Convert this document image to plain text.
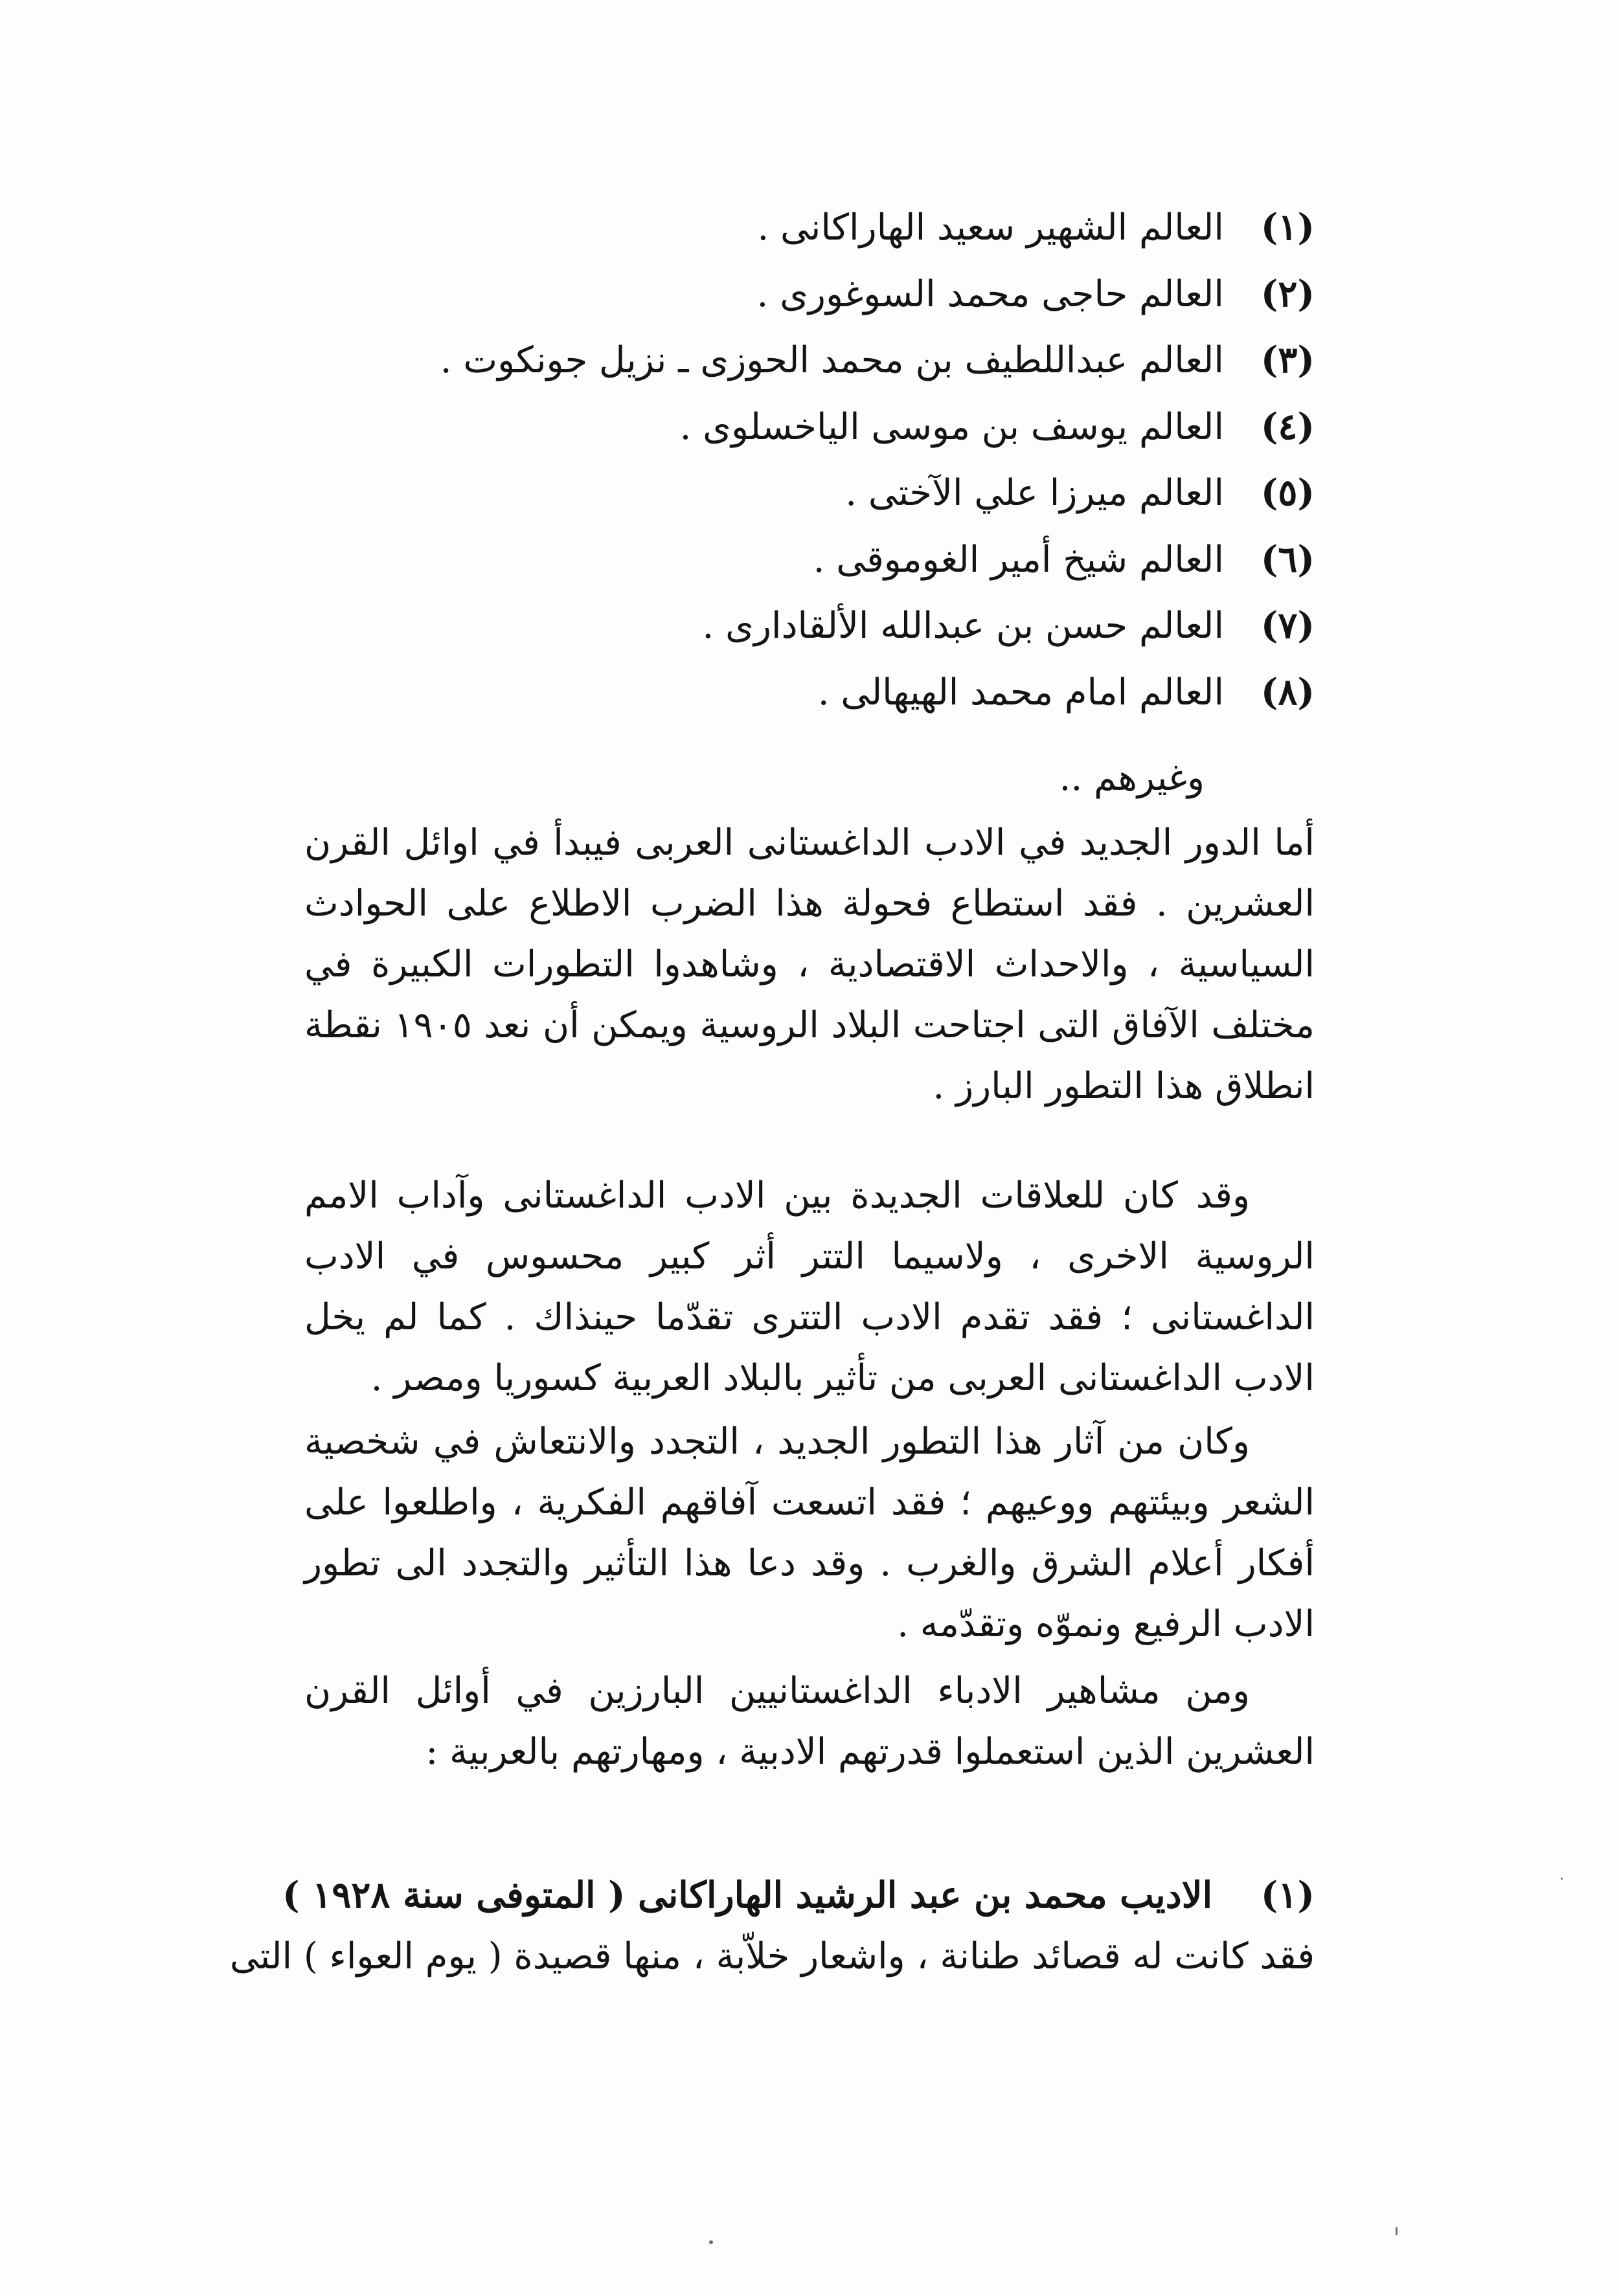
(١)
العالم الشهير سعيد الهاراكانى .
(٢)
العالم حاجى محمد السوغورى .
(٣)
العالم عبداللطيف بن محمد الحوزى ـ نزيل جونكوت .
(٤)
العالم يوسف بن موسى الياخسلوى .
(٥)
العالم ميرزا علي الآختى .
(٦)
العالم شيخ أمير الغوموقى .
(٧)
العالم حسن بن عبدالله الألقادارى .
(٨)
العالم امام محمد الهيهالى .
وغيرهم ..

أما الدور الجديد في الادب الداغستانى العربى فيبدأ في اوائل القرن العشرين . فقد استطاع فحولة هذا الضرب الاطلاع على الحوادث السياسية ، والاحداث الاقتصادية ، وشاهدوا التطورات الكبيرة في مختلف الآفاق التى اجتاحت البلاد الروسية ويمكن أن نعد ١٩٠٥ نقطة انطلاق هذا التطور البارز .

وقد كان للعلاقات الجديدة بين الادب الداغستانى وآداب الامم الروسية الاخرى ، ولاسيما التتر أثر كبير محسوس في الادب الداغستانى ؛ فقد تقدم الادب التترى تقدّما حينذاك . كما لم يخل الادب الداغستانى العربى من تأثير بالبلاد العربية كسوريا ومصر .

وكان من آثار هذا التطور الجديد ، التجدد والانتعاش في شخصية الشعر وبيئتهم ووعيهم ؛ فقد اتسعت آفاقهم الفكرية ، واطلعوا على أفكار أعلام الشرق والغرب . وقد دعا هذا التأثير والتجدد الى تطور الادب الرفيع ونموّه وتقدّمه .

ومن مشاهير الادباء الداغستانيين البارزين في أوائل القرن العشرين الذين استعملوا قدرتهم الادبية ، ومهارتهم بالعربية :

(١) الاديب محمد بن عبد الرشيد الهاراكانى ( المتوفى سنة ١٩٢٨ )
فقد كانت له قصائد طنانة ، واشعار خلاّبة ، منها قصيدة ( يوم العواء ) التى
